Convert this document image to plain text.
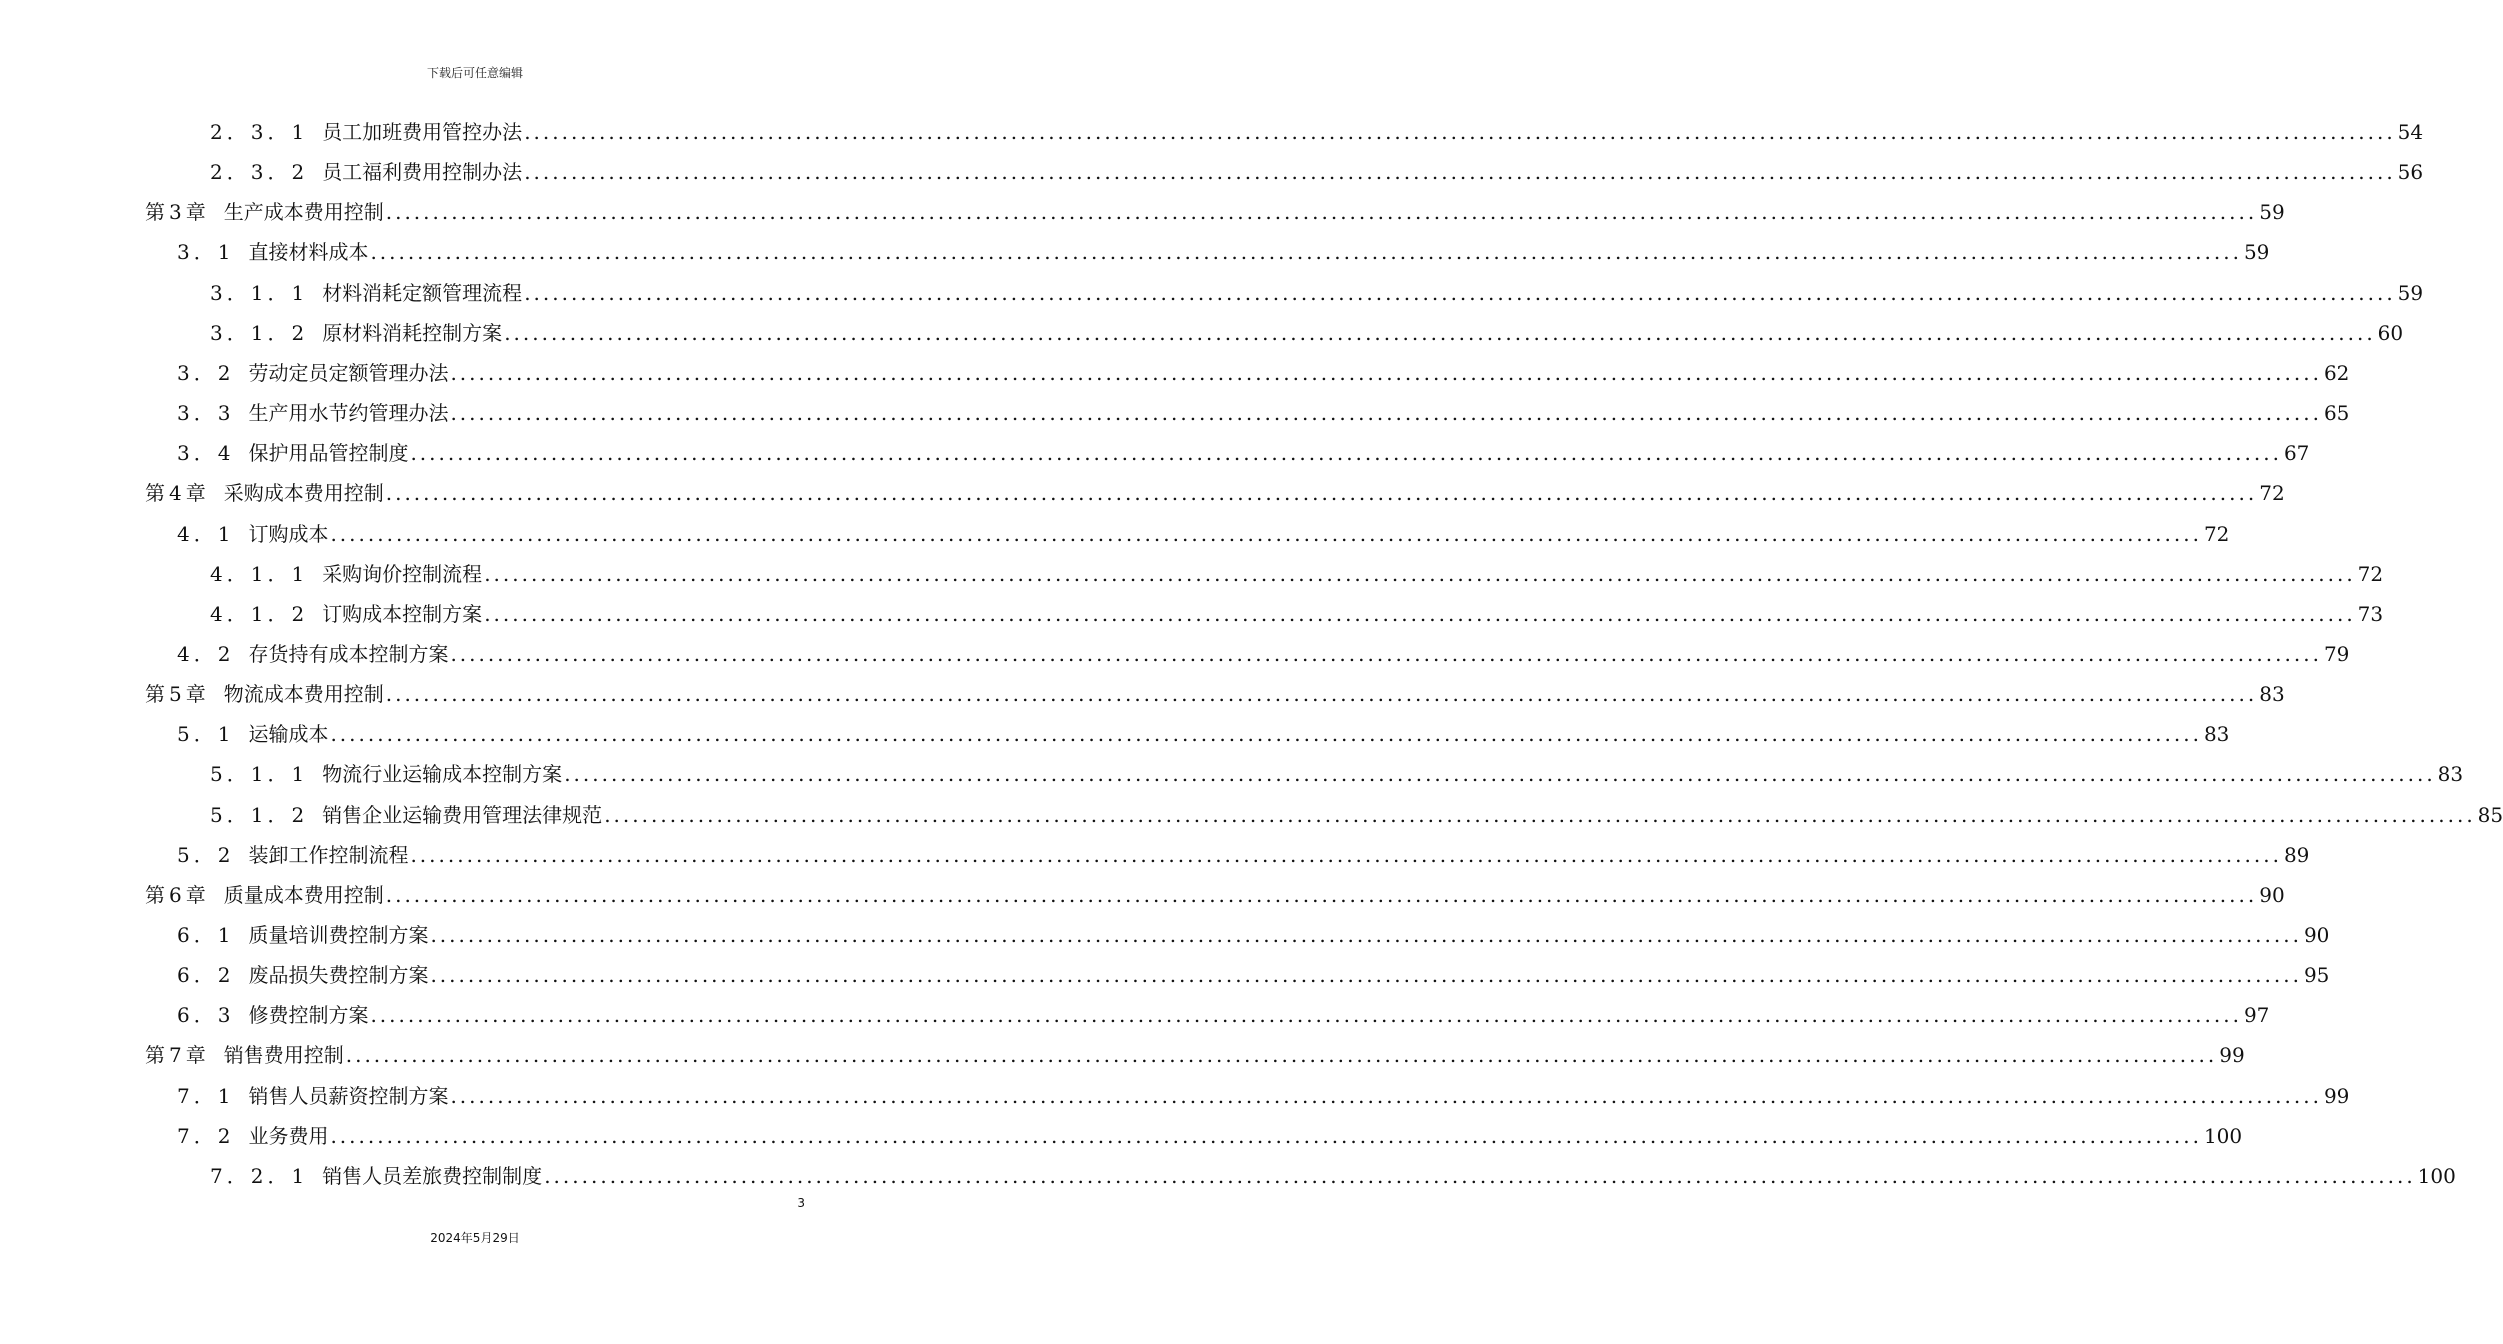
下载后可任意编辑
2．3．1 员工加班费用管控办法 ........................................................................................................................................................................................................ 54
2．3．2 员工福利费用控制办法 ........................................................................................................................................................................................................ 56
第3章 生产成本费用控制 ........................................................................................................................................................................................................ 59
3．1 直接材料成本 ........................................................................................................................................................................................................ 59
3．1．1 材料消耗定额管理流程 ........................................................................................................................................................................................................ 59
3．1．2 原材料消耗控制方案 ........................................................................................................................................................................................................ 60
3．2 劳动定员定额管理办法 ........................................................................................................................................................................................................ 62
3．3 生产用水节约管理办法 ........................................................................................................................................................................................................ 65
3．4 保护用品管控制度 ........................................................................................................................................................................................................ 67
第4章 采购成本费用控制 ........................................................................................................................................................................................................ 72
4．1 订购成本 ........................................................................................................................................................................................................ 72
4．1．1 采购询价控制流程 ........................................................................................................................................................................................................ 72
4．1．2 订购成本控制方案 ........................................................................................................................................................................................................ 73
4．2 存货持有成本控制方案 ........................................................................................................................................................................................................ 79
第5章 物流成本费用控制 ........................................................................................................................................................................................................ 83
5．1 运输成本 ........................................................................................................................................................................................................ 83
5．1．1 物流行业运输成本控制方案 ........................................................................................................................................................................................................ 83
5．1．2 销售企业运输费用管理法律规范 ........................................................................................................................................................................................................ 85
5．2 装卸工作控制流程 ........................................................................................................................................................................................................ 89
第6章 质量成本费用控制 ........................................................................................................................................................................................................ 90
6．1 质量培训费控制方案 ........................................................................................................................................................................................................ 90
6．2 废品损失费控制方案 ........................................................................................................................................................................................................ 95
6．3 修费控制方案 ........................................................................................................................................................................................................ 97
第7章 销售费用控制 ........................................................................................................................................................................................................ 99
7．1 销售人员薪资控制方案 ........................................................................................................................................................................................................ 99
7．2 业务费用 ........................................................................................................................................................................................................ 100
7．2．1 销售人员差旅费控制制度 ........................................................................................................................................................................................................ 100
3
2024年5月29日
